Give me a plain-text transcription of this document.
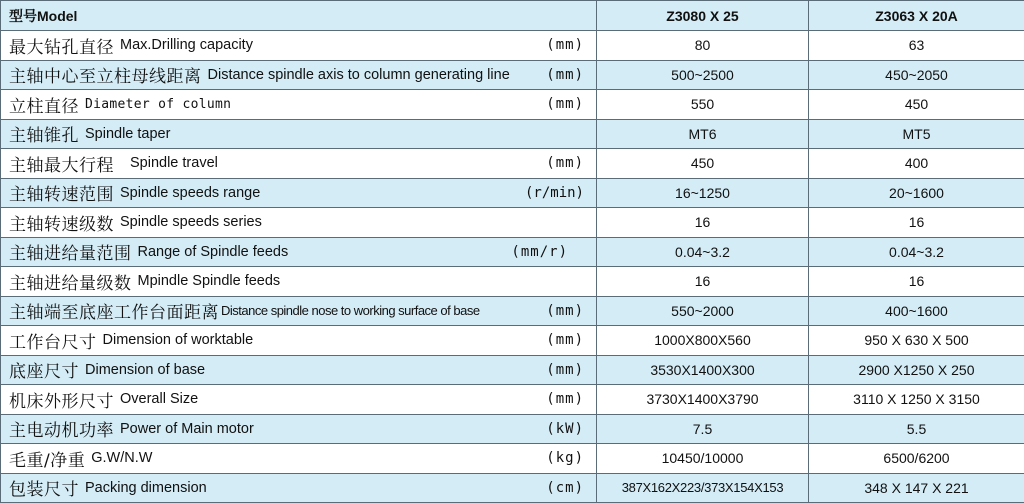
型号Model	Z3080 X 25	Z3063 X 20A

最大钻孔直径 Max.Drilling capacity (mm)	80	63

主轴中心至立柱母线距离 Distance spindle axis to column generating line (mm)	500~2500	450~2050

立柱直径 Diameter of column (mm)	550	450

主轴锥孔 Spindle taper	MT6	MT5

主轴最大行程 Spindle travel (mm)	450	400

主轴转速范围 Spindle speeds range (r/min)	16~1250	20~1600

主轴转速级数 Spindle speeds series	16	16

主轴进给量范围 Range of Spindle feeds (mm/r)	0.04~3.2	0.04~3.2

主轴进给量级数 Mpindle Spindle feeds	16	16

主轴端至底座工作台面距离 Distance spindle nose to working surface of base (mm)	550~2000	400~1600

工作台尺寸 Dimension of worktable (mm)	1000X800X560	950 X 630 X 500

底座尺寸 Dimension of base (mm)	3530X1400X300	2900 X1250 X 250

机床外形尺寸 Overall Size (mm)	3730X1400X3790	3110 X 1250 X 3150

主电动机功率 Power of Main motor (kW)	7.5	5.5

毛重/净重 G.W/N.W (kg)	10450/10000	6500/6200

包装尺寸 Packing dimension (cm)	387X162X223/373X154X153	348 X 147 X 221
